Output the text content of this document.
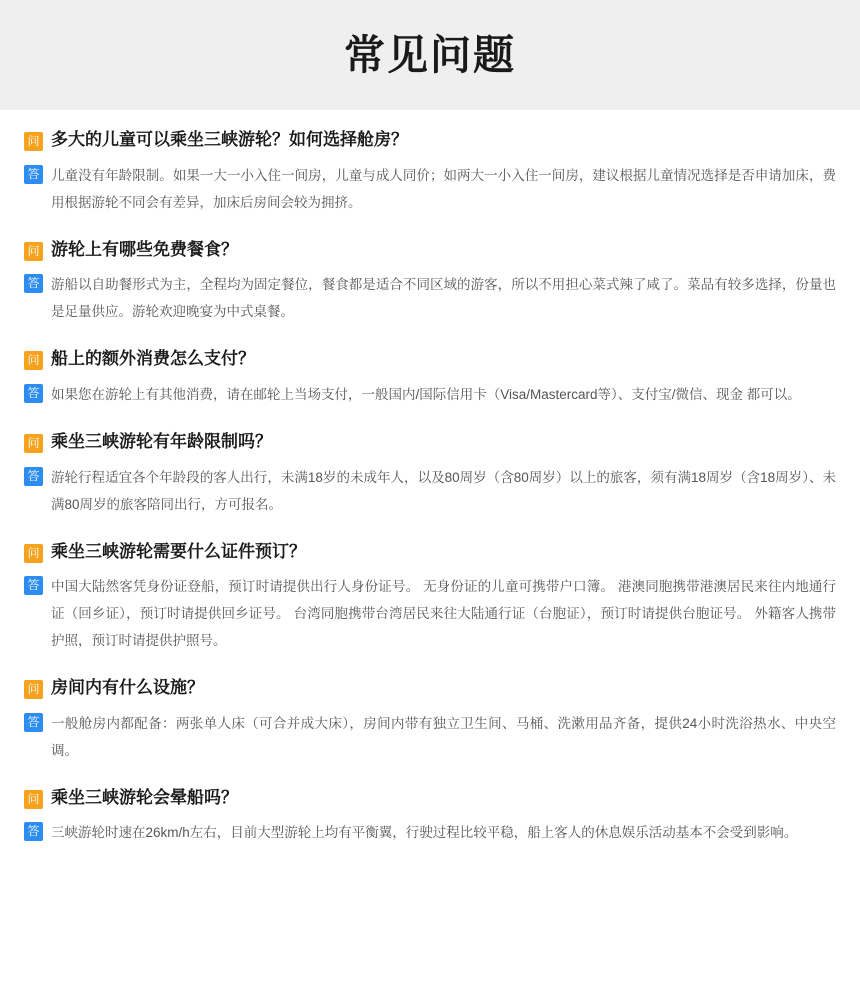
常见问题
问 多大的儿童可以乘坐三峡游轮？如何选择舱房？
答 儿童没有年龄限制。如果一大一小入住一间房，儿童与成人同价；如两大一小入住一间房，建议根据儿童情况选择是否申请加床，费用根据游轮不同会有差异，加床后房间会较为拥挤。
问 游轮上有哪些免费餐食？
答 游船以自助餐形式为主，全程均为固定餐位，餐食都是适合不同区域的游客，所以不用担心菜式辣了咸了。菜品有较多选择，份量也是足量供应。游轮欢迎晚宴为中式桌餐。
问 船上的额外消费怎么支付？
答 如果您在游轮上有其他消费，请在邮轮上当场支付，一般国内/国际信用卡（Visa/Mastercard等）、支付宝/微信、现金 都可以。
问 乘坐三峡游轮有年龄限制吗？
答 游轮行程适宜各个年龄段的客人出行，未满18岁的未成年人，以及80周岁（含80周岁）以上的旅客，须有满18周岁（含18周岁）、未满80周岁的旅客陪同出行，方可报名。
问 乘坐三峡游轮需要什么证件预订？
答 中国大陆然客凭身份证登船，预订时请提供出行人身份证号。 无身份证的儿童可携带户口簿。 港澳同胞携带港澳居民来往内地通行证（回乡证），预订时请提供回乡证号。 台湾同胞携带台湾居民来往大陆通行证（台胞证），预订时请提供台胞证号。 外籍客人携带护照，预订时请提供护照号。
问 房间内有什么设施？
答 一般舱房内都配备：两张单人床（可合并成大床），房间内带有独立卫生间、马桶、洗漱用品齐备，提供24小时洗浴热水、中央空调。
问 乘坐三峡游轮会晕船吗？
答 三峡游轮时速在26km/h左右，目前大型游轮上均有平衡翼，行驶过程比较平稳，船上客人的休息娱乐活动基本不会受到影响。
